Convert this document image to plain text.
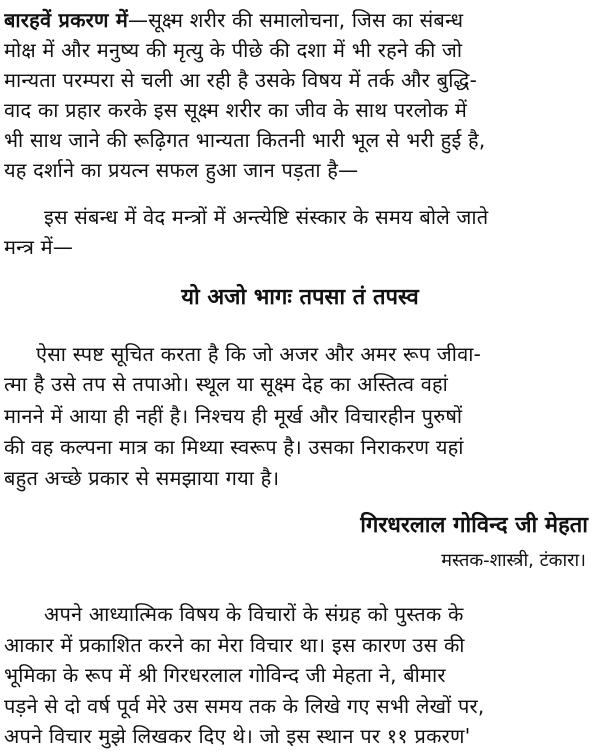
बारहवें प्रकरण में—सूक्ष्म शरीर की समालोचना, जिस का संबन्ध
मोक्ष में और मनुष्य की मृत्यु के पीछे की दशा में भी रहने की जो
मान्यता परम्परा से चली आ रही है उसके विषय में तर्क और बुद्धि-
वाद का प्रहार करके इस सूक्ष्म शरीर का जीव के साथ परलोक में
भी साथ जाने की रूढ़िगत भान्यता कितनी भारी भूल से भरी हुई है,
यह दर्शाने का प्रयत्न सफल हुआ जान पड़ता है—
इस संबन्ध में वेद मन्त्रों में अन्त्येष्टि संस्कार के समय बोले जाते
मन्त्र में—
यो अजो भागः तपसा तं तपस्व
ऐसा स्पष्ट सूचित करता है कि जो अजर और अमर रूप जीवा-
त्मा है उसे तप से तपाओ। स्थूल या सूक्ष्म देह का अस्तित्व वहां
मानने में आया ही नहीं है। निश्चय ही मूर्ख और विचारहीन पुरुषों
की वह कल्पना मात्र का मिथ्या स्वरूप है। उसका निराकरण यहां
बहुत अच्छे प्रकार से समझाया गया है।
गिरधरलाल गोविन्द जी मेहता
मस्तक-शास्त्री, टंकारा।
अपने आध्यात्मिक विषय के विचारों के संग्रह को पुस्तक के
आकार में प्रकाशित करने का मेरा विचार था। इस कारण उस की
भूमिका के रूप में श्री गिरधरलाल गोविन्द जी मेहता ने, बीमार
पड़ने से दो वर्ष पूर्व मेरे उस समय तक के लिखे गए सभी लेखों पर,
अपने विचार मुझे लिखकर दिए थे। जो इस स्थान पर ११ प्रकरण'
